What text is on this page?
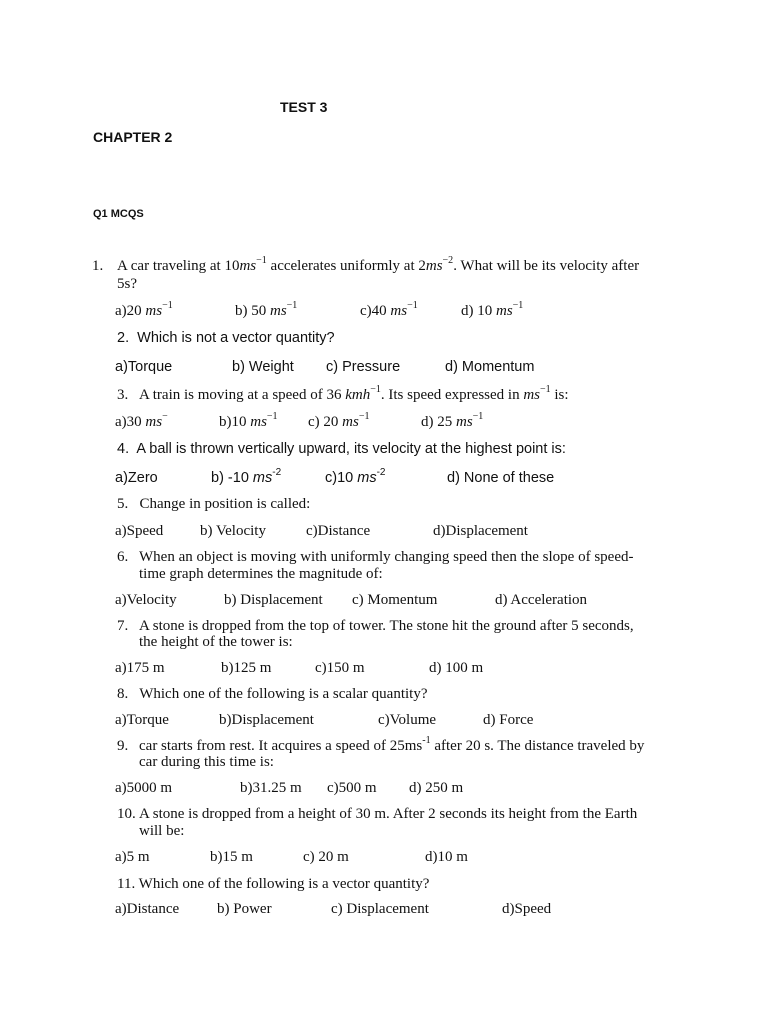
TEST 3
CHAPTER 2
Q1 MCQS
1. A car traveling at $10ms^{-1}$ accelerates uniformly at $2ms^{-2}$. What will be its velocity after
5s?
a)20 $ms^{-1}$	b) 50 $ms^{-1}$	c)40 $ms^{-1}$	d) 10 $ms^{-1}$
2.  Which is not a vector quantity?
a)Torque	b) Weight c) Pressure	d) Momentum
3. A train is moving at a speed of 36 kmh$^{-1}$. Its speed expressed in $ms^{-1}$ is:
a)30 ms−	b)10 $ms^{-1}$ c) 20 $ms^{-1}$	d) 25 $ms^{-1}$
4.  A ball is thrown vertically upward, its velocity at the highest point is:
a)Zero	b) -10 $ms^{-2}$	c)10 $ms^{-2}$	d) None of these
5.   Change in position is called:
a)Speed b) Velocity	c)Distance	d)Displacement
6. When an object is moving with uniformly changing speed then the slope of speed-
time graph determines the magnitude of:
a)Velocity	b) Displacement c) Momentum	d) Acceleration
7. A stone is dropped from the top of tower. The stone hit the ground after 5 seconds,
the height of the tower is:
a)175 m	b)125 m	c)150 m	d) 100 m
8.   Which one of the following is a scalar quantity?
a)Torque	b)Displacement	c)Volume	d) Force
9. car starts from rest. It acquires a speed of $25ms^{-1}$ after 20 s. The distance traveled by
car during this time is:
a)5000 m	b)31.25 m c)500 m d) 250 m
10. A stone is dropped from a height of 30 m. After 2 seconds its height from the Earth
will be:
a)5 m	b)15 m	c) 20 m	d)10 m
11. Which one of the following is a vector quantity?
a)Distance	b) Power	c) Displacement	d)Speed
